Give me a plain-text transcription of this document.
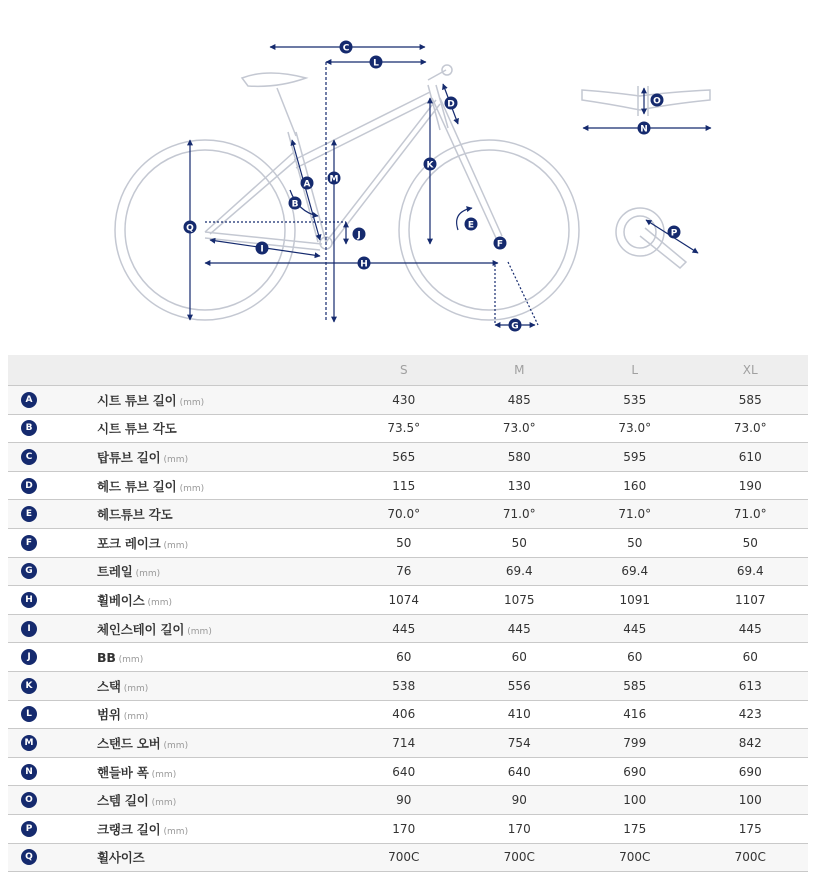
C
L
D
K
M
A
B
Q
J
I
E
F
H
G
O
N
P
		S	M	L	XL
A	시트 튜브 길이 (mm)	430	485	535	585
B	시트 튜브 각도	73.5°	73.0°	73.0°	73.0°
C	탑튜브 길이 (mm)	565	580	595	610
D	헤드 튜브 길이 (mm)	115	130	160	190
E	헤드튜브 각도	70.0°	71.0°	71.0°	71.0°
F	포크 레이크 (mm)	50	50	50	50
G	트레일 (mm)	76	69.4	69.4	69.4
H	휠베이스 (mm)	1074	1075	1091	1107
I	체인스테이 길이 (mm)	445	445	445	445
J	BB (mm)	60	60	60	60
K	스택 (mm)	538	556	585	613
L	범위 (mm)	406	410	416	423
M	스탠드 오버 (mm)	714	754	799	842
N	핸들바 폭 (mm)	640	640	690	690
O	스템 길이 (mm)	90	90	100	100
P	크랭크 길이 (mm)	170	170	175	175
Q	휠사이즈	700C	700C	700C	700C
